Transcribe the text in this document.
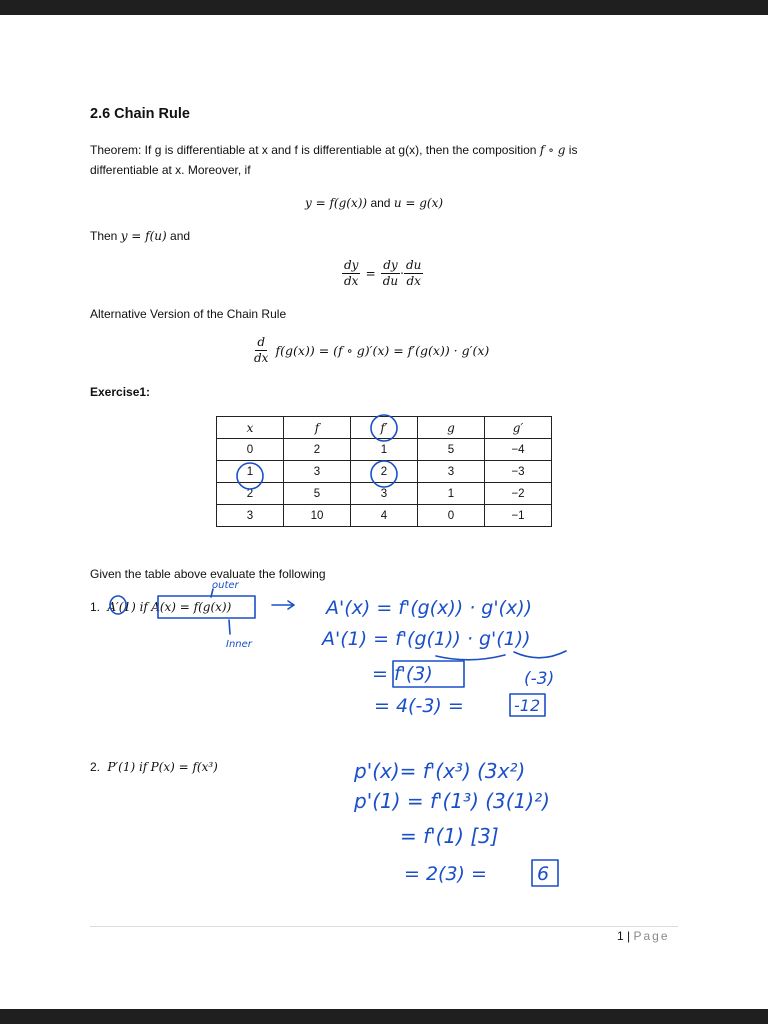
2.6 Chain Rule
Theorem: If g is differentiable at x and f is differentiable at g(x), then the composition f ∘ g is
differentiable at x. Moreover, if
y = f(g(x)) and u = g(x)
Then y = f(u) and
$\frac{dy}{dx} = \frac{dy}{du} \cdot \frac{du}{dx}$
Alternative Version of the Chain Rule
$\frac{d}{dx} f(g(x)) = (f$ ∘ g)′(x) = f′(g(x)) · g′(x)
Exercise1:
x	f	f′	g	g′
0	2	1	5	−4
1	3	2	3	−3
2	5	3	1	−2
3	10	4	0	−1
Given the table above evaluate the following
1. A′(1) if A(x) = f(g(x))
2. P′(1) if P(x) = f(x³)
outer
Inner
A'(x) = f'(g(x)) · g'(x))
A'(1) = f'(g(1)) · g'(1))
= f'(3)	(-3)
= 4(-3) =	-12
p'(x)= f'(x³) (3x²)
p'(1) = f'(1³) (3(1)²)
= f'(1) [3]
= 2(3) =	6
1 | Page
